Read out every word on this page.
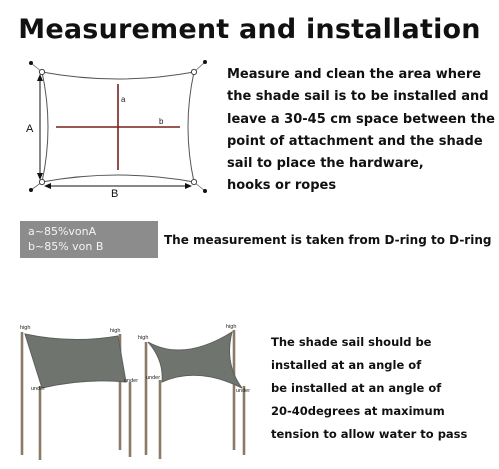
Measurement and installation
A
a
b
B
Measure and clean the area where
the shade sail is to be installed and
leave a 30-45 cm space between the
point of attachment and the shade
sail to place the hardware,
hooks or ropes
a~85%vonA
b~85% von B	The measurement is taken from D-ring to D-ring
high	high
under
under
high
high
under
under
The shade sail should be
installed at an angle of
be installed at an angle of
20-40degrees at maximum
tension to allow water to pass
